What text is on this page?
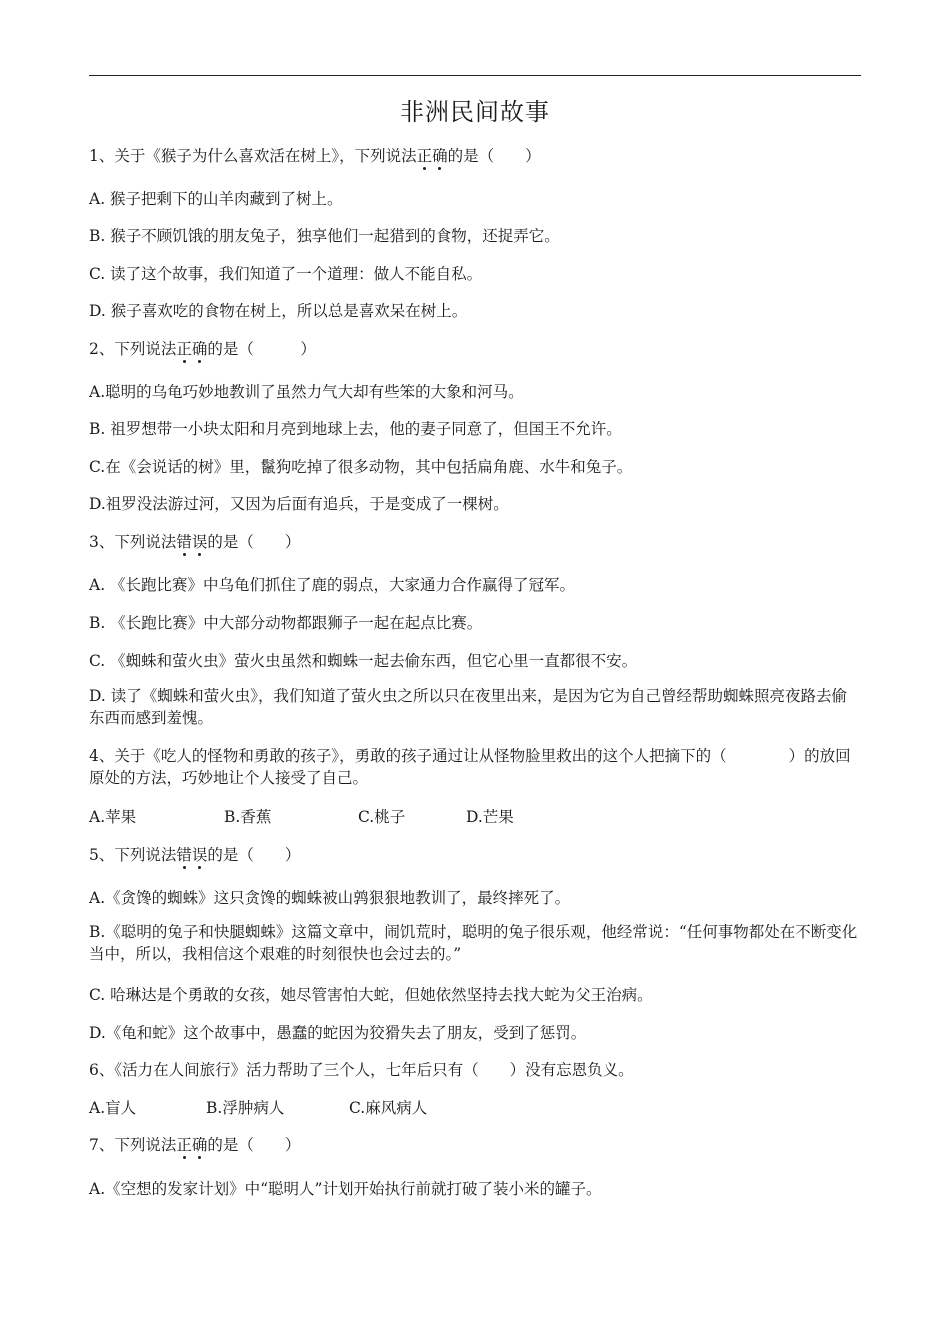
非洲民间故事
1、关于《猴子为什么喜欢活在树上》，下列说法正确的是（　　）
A. 猴子把剩下的山羊肉藏到了树上。
B. 猴子不顾饥饿的朋友兔子，独享他们一起猎到的食物，还捉弄它。
C. 读了这个故事，我们知道了一个道理：做人不能自私。
D. 猴子喜欢吃的食物在树上，所以总是喜欢呆在树上。
2、下列说法正确的是（　　　）
A.聪明的乌龟巧妙地教训了虽然力气大却有些笨的大象和河马。
B. 祖罗想带一小块太阳和月亮到地球上去，他的妻子同意了，但国王不允许。
C.在《会说话的树》里，鬣狗吃掉了很多动物，其中包括扁角鹿、水牛和兔子。
D.祖罗没法游过河，又因为后面有追兵，于是变成了一棵树。
3、下列说法错误的是（　　）
A. 《长跑比赛》中乌龟们抓住了鹿的弱点，大家通力合作赢得了冠军。
B. 《长跑比赛》中大部分动物都跟狮子一起在起点比赛。
C. 《蜘蛛和萤火虫》萤火虫虽然和蜘蛛一起去偷东西，但它心里一直都很不安。
D. 读了《蜘蛛和萤火虫》，我们知道了萤火虫之所以只在夜里出来，是因为它为自己曾经帮助蜘蛛照亮夜路去偷东西而感到羞愧。
4、关于《吃人的怪物和勇敢的孩子》，勇敢的孩子通过让从怪物脸里救出的这个人把摘下的（　　　　）的放回原处的方法，巧妙地让个人接受了自己。
A.苹果	B.香蕉	C.桃子	D.芒果
5、下列说法错误的是（　　）
A.《贪馋的蜘蛛》这只贪馋的蜘蛛被山鹑狠狠地教训了，最终摔死了。
B.《聪明的兔子和快腿蜘蛛》这篇文章中，闹饥荒时，聪明的兔子很乐观，他经常说：“任何事物都处在不断变化当中，所以，我相信这个艰难的时刻很快也会过去的。”
C. 哈琳达是个勇敢的女孩，她尽管害怕大蛇，但她依然坚持去找大蛇为父王治病。
D.《龟和蛇》这个故事中，愚蠢的蛇因为狡猾失去了朋友，受到了惩罚。
6、《活力在人间旅行》活力帮助了三个人，七年后只有（　　）没有忘恩负义。
A.盲人	B.浮肿病人	C.麻风病人
7、下列说法正确的是（　　）
A.《空想的发家计划》中“聪明人”计划开始执行前就打破了装小米的罐子。
